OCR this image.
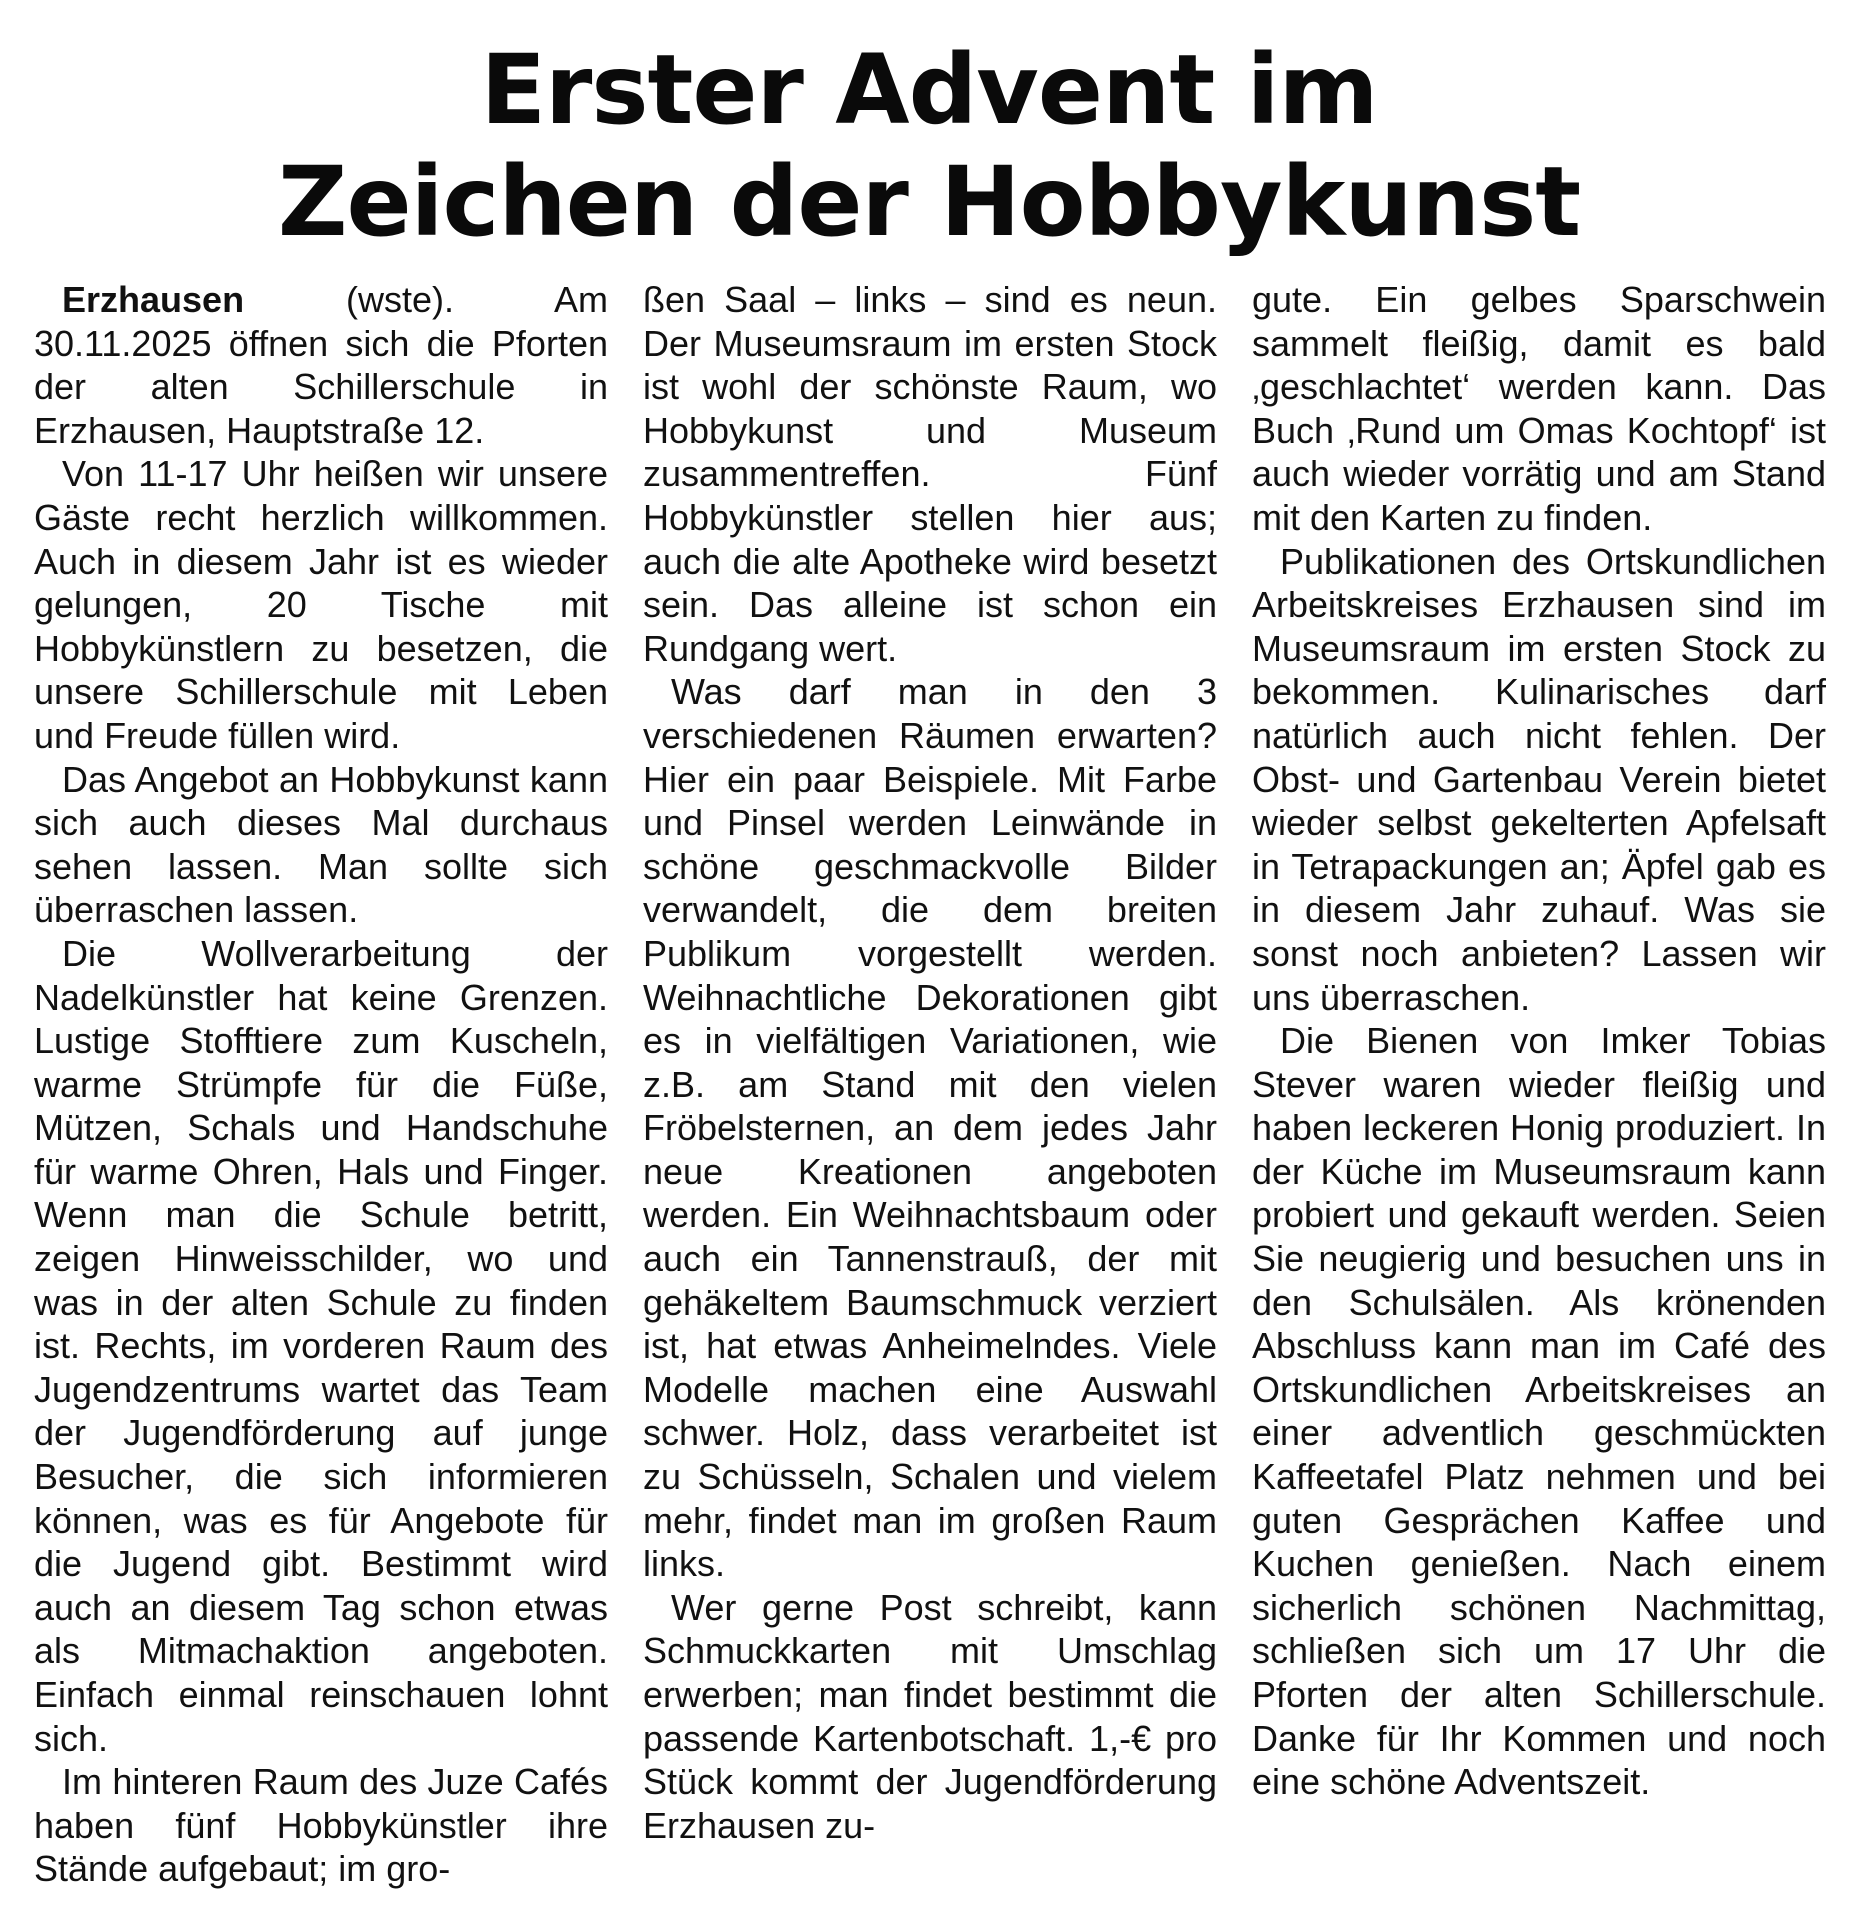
Erster Advent im
Zeichen der Hobbykunst

Erzhausen (wste). Am 30.11.2025 öffnen sich die Pforten der alten Schillerschule in Erzhausen, Hauptstraße 12.

Von 11-17 Uhr heißen wir unsere Gäste recht herzlich willkommen. Auch in diesem Jahr ist es wieder gelungen, 20 Tische mit Hobbykünstlern zu besetzen, die unsere Schillerschule mit Leben und Freude füllen wird.

Das Angebot an Hobbykunst kann sich auch dieses Mal durchaus sehen lassen. Man sollte sich überraschen lassen.

Die Wollverarbeitung der Nadelkünstler hat keine Grenzen. Lustige Stofftiere zum Kuscheln, warme Strümpfe für die Füße, Mützen, Schals und Handschuhe für warme Ohren, Hals und Finger. Wenn man die Schule betritt, zeigen Hinweisschilder, wo und was in der alten Schule zu finden ist. Rechts, im vorderen Raum des Jugendzentrums wartet das Team der Jugendförderung auf junge Besucher, die sich informieren können, was es für Angebote für die Jugend gibt. Bestimmt wird auch an diesem Tag schon etwas als Mitmachaktion angeboten. Einfach einmal reinschauen lohnt sich.

Im hinteren Raum des Juze Cafés haben fünf Hobbykünstler ihre Stände aufgebaut; im gro-

ßen Saal – links – sind es neun. Der Museumsraum im ersten Stock ist wohl der schönste Raum, wo Hobbykunst und Museum zusammentreffen. Fünf Hobbykünstler stellen hier aus; auch die alte Apotheke wird besetzt sein. Das alleine ist schon ein Rundgang wert.

Was darf man in den 3 verschiedenen Räumen erwarten? Hier ein paar Beispiele. Mit Farbe und Pinsel werden Leinwände in schöne geschmackvolle Bilder verwandelt, die dem breiten Publikum vorgestellt werden. Weihnachtliche Dekorationen gibt es in vielfältigen Variationen, wie z.B. am Stand mit den vielen Fröbelsternen, an dem jedes Jahr neue Kreationen angeboten werden. Ein Weihnachtsbaum oder auch ein Tannenstrauß, der mit gehäkeltem Baumschmuck verziert ist, hat etwas Anheimelndes. Viele Modelle machen eine Auswahl schwer. Holz, dass verarbeitet ist zu Schüsseln, Schalen und vielem mehr, findet man im großen Raum links.

Wer gerne Post schreibt, kann Schmuckkarten mit Umschlag erwerben; man findet bestimmt die passende Kartenbotschaft. 1,-€ pro Stück kommt der Jugendförderung Erzhausen zu-

gute. Ein gelbes Sparschwein sammelt fleißig, damit es bald ‚geschlachtet‘ werden kann. Das Buch ‚Rund um Omas Kochtopf‘ ist auch wieder vorrätig und am Stand mit den Karten zu finden.

Publikationen des Ortskundlichen Arbeitskreises Erzhausen sind im Museumsraum im ersten Stock zu bekommen. Kulinarisches darf natürlich auch nicht fehlen. Der Obst- und Gartenbau Verein bietet wieder selbst gekelterten Apfelsaft in Tetrapackungen an; Äpfel gab es in diesem Jahr zuhauf. Was sie sonst noch anbieten? Lassen wir uns überraschen.

Die Bienen von Imker Tobias Stever waren wieder fleißig und haben leckeren Honig produziert. In der Küche im Museumsraum kann probiert und gekauft werden. Seien Sie neugierig und besuchen uns in den Schulsälen. Als krönenden Abschluss kann man im Café des Ortskundlichen Arbeitskreises an einer adventlich geschmückten Kaffeetafel Platz nehmen und bei guten Gesprächen Kaffee und Kuchen genießen. Nach einem sicherlich schönen Nachmittag, schließen sich um 17 Uhr die Pforten der alten Schillerschule. Danke für Ihr Kommen und noch eine schöne Adventszeit.
